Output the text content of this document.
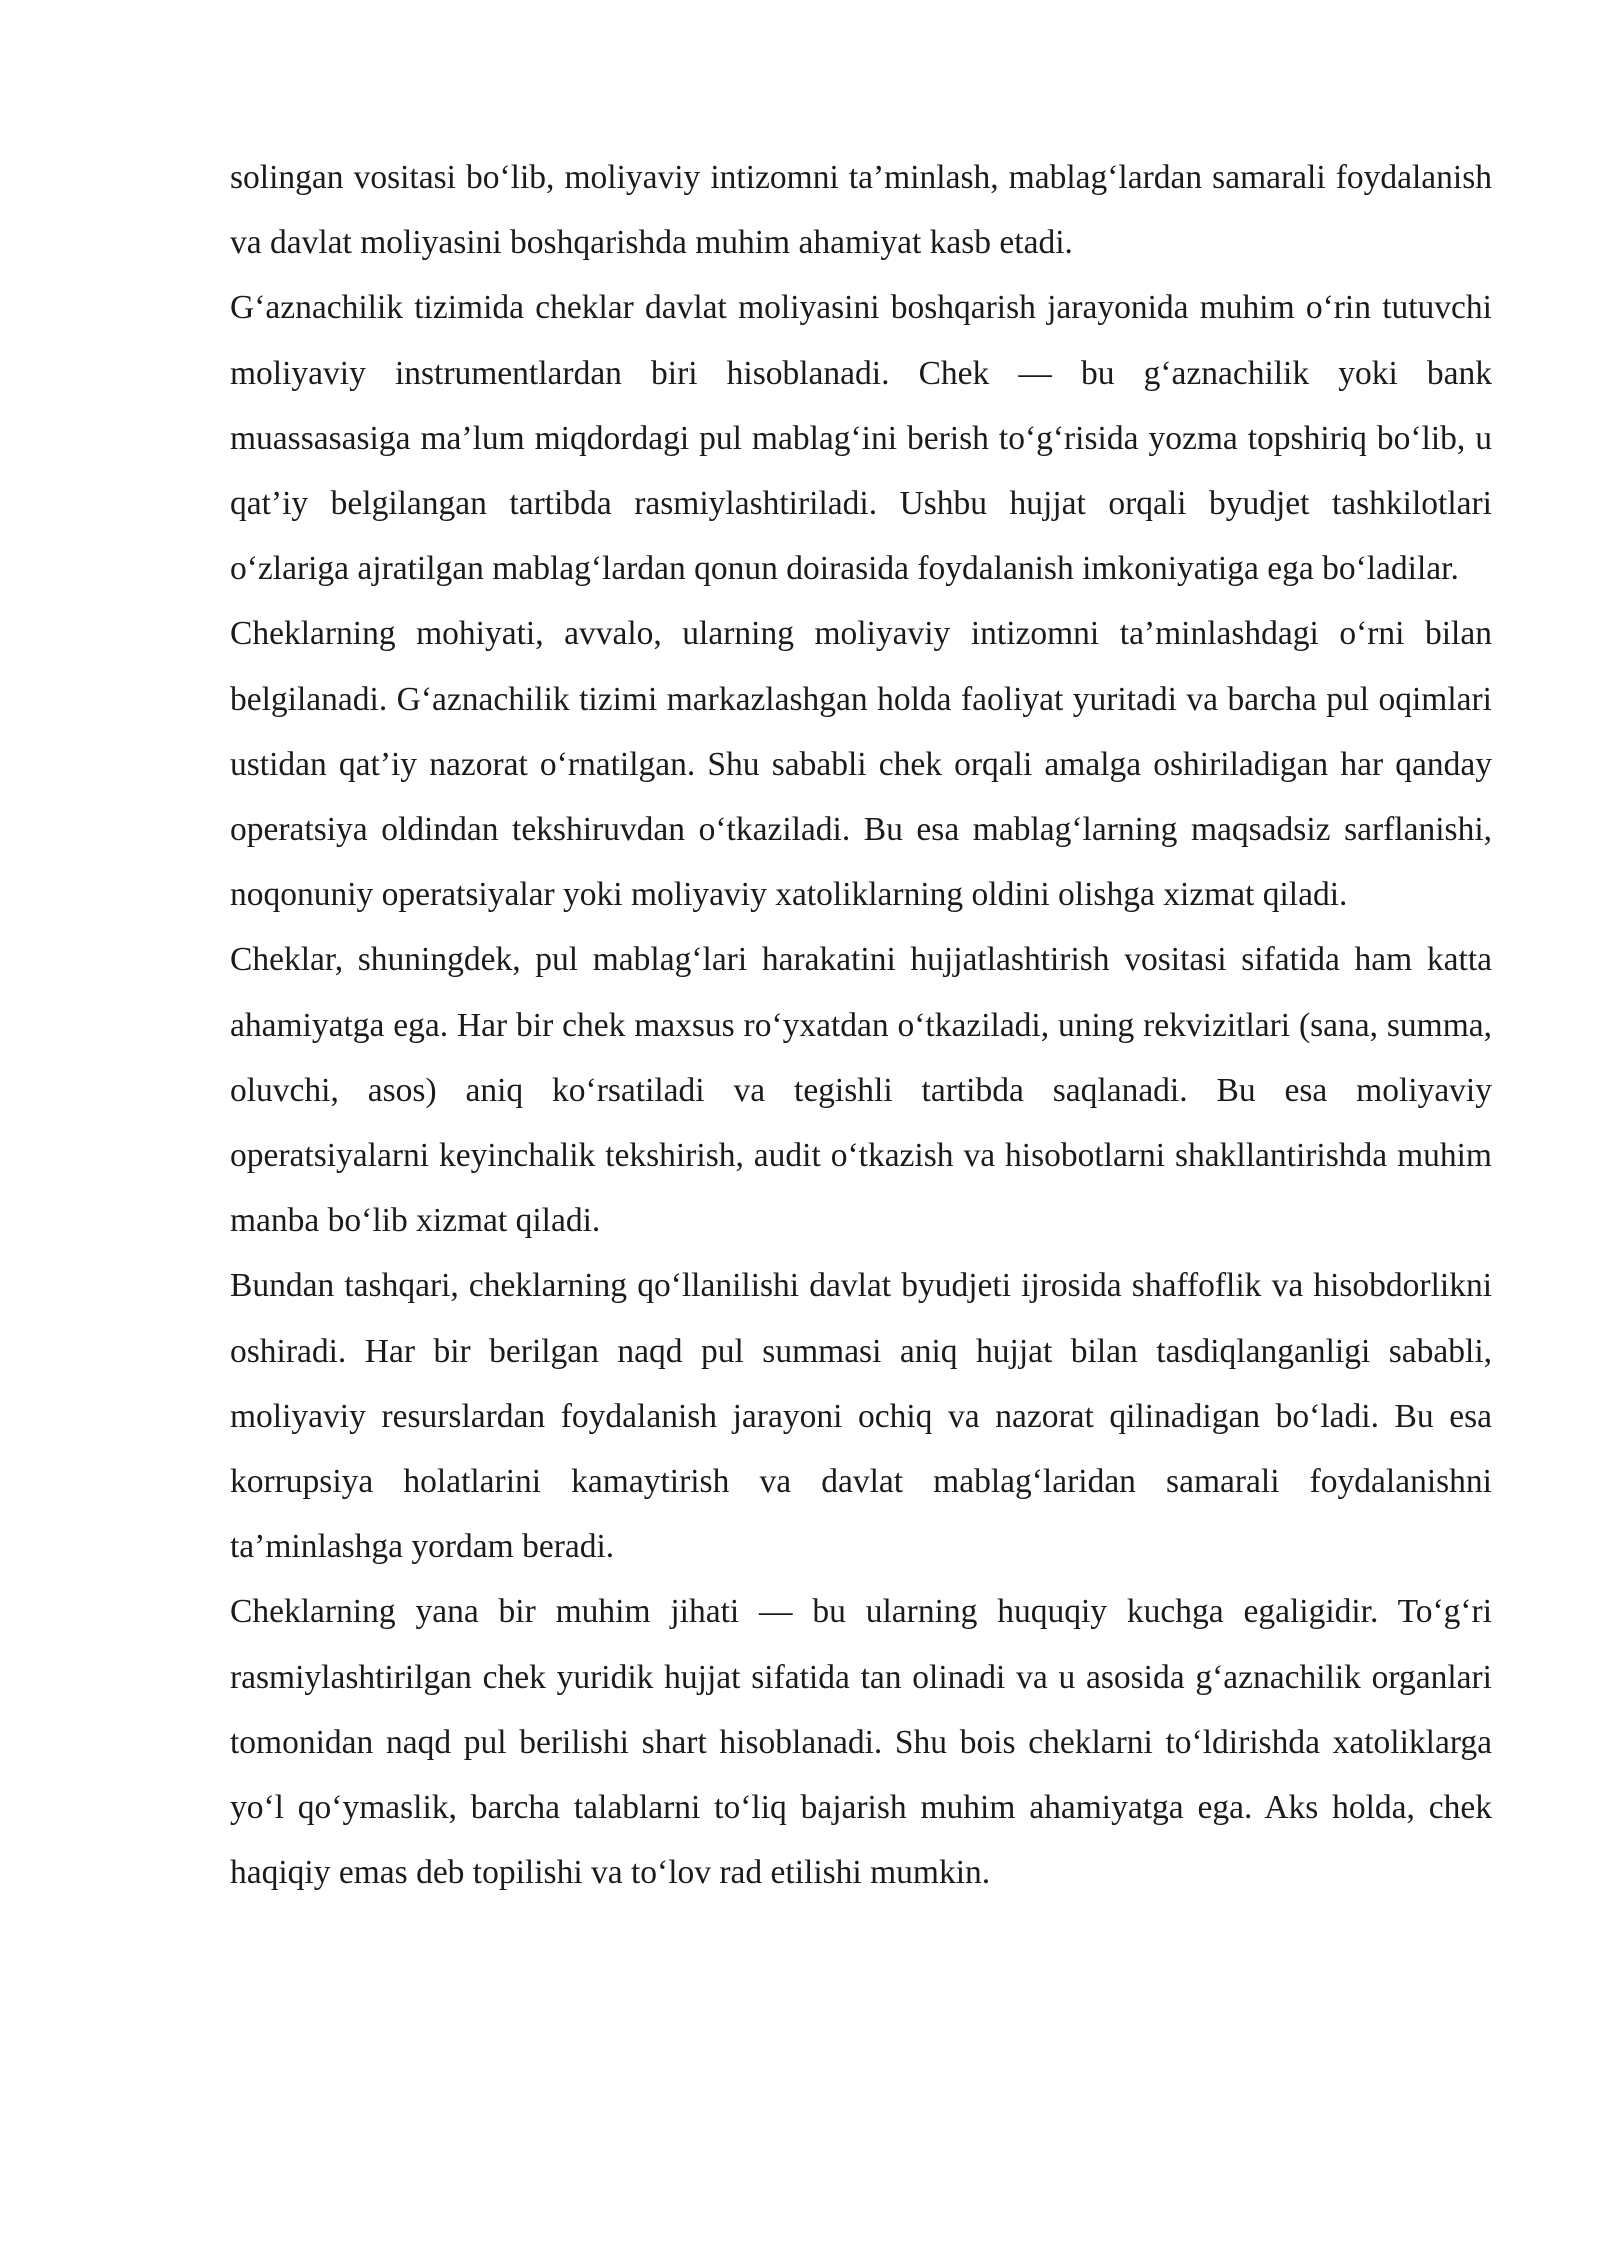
solingan vositasi bo‘lib, moliyaviy intizomni ta’minlash, mablag‘lardan samarali foydalanish va davlat moliyasini boshqarishda muhim ahamiyat kasb etadi.

G‘aznachilik tizimida cheklar davlat moliyasini boshqarish jarayonida muhim o‘rin tutuvchi moliyaviy instrumentlardan biri hisoblanadi. Chek — bu g‘aznachilik yoki bank muassasasiga ma’lum miqdordagi pul mablag‘ini berish to‘g‘risida yozma topshiriq bo‘lib, u qat’iy belgilangan tartibda rasmiylashtiriladi. Ushbu hujjat orqali byudjet tashkilotlari o‘zlariga ajratilgan mablag‘lardan qonun doirasida foydalanish imkoniyatiga ega bo‘ladilar.

Cheklarning mohiyati, avvalo, ularning moliyaviy intizomni ta’minlashdagi o‘rni bilan belgilanadi. G‘aznachilik tizimi markazlashgan holda faoliyat yuritadi va barcha pul oqimlari ustidan qat’iy nazorat o‘rnatilgan. Shu sababli chek orqali amalga oshiriladigan har qanday operatsiya oldindan tekshiruvdan o‘tkaziladi. Bu esa mablag‘larning maqsadsiz sarflanishi, noqonuniy operatsiyalar yoki moliyaviy xatoliklarning oldini olishga xizmat qiladi.

Cheklar, shuningdek, pul mablag‘lari harakatini hujjatlashtirish vositasi sifatida ham katta ahamiyatga ega. Har bir chek maxsus ro‘yxatdan o‘tkaziladi, uning rekvizitlari (sana, summa, oluvchi, asos) aniq ko‘rsatiladi va tegishli tartibda saqlanadi. Bu esa moliyaviy operatsiyalarni keyinchalik tekshirish, audit o‘tkazish va hisobotlarni shakllantirishda muhim manba bo‘lib xizmat qiladi.

Bundan tashqari, cheklarning qo‘llanilishi davlat byudjeti ijrosida shaffoflik va hisobdorlikni oshiradi. Har bir berilgan naqd pul summasi aniq hujjat bilan tasdiqlanganligi sababli, moliyaviy resurslardan foydalanish jarayoni ochiq va nazorat qilinadigan bo‘ladi. Bu esa korrupsiya holatlarini kamaytirish va davlat mablag‘laridan samarali foydalanishni ta’minlashga yordam beradi.

Cheklarning yana bir muhim jihati — bu ularning huquqiy kuchga egaligidir. To‘g‘ri rasmiylashtirilgan chek yuridik hujjat sifatida tan olinadi va u asosida g‘aznachilik organlari tomonidan naqd pul berilishi shart hisoblanadi. Shu bois cheklarni to‘ldirishda xatoliklarga yo‘l qo‘ymaslik, barcha talablarni to‘liq bajarish muhim ahamiyatga ega. Aks holda, chek haqiqiy emas deb topilishi va to‘lov rad etilishi mumkin.
